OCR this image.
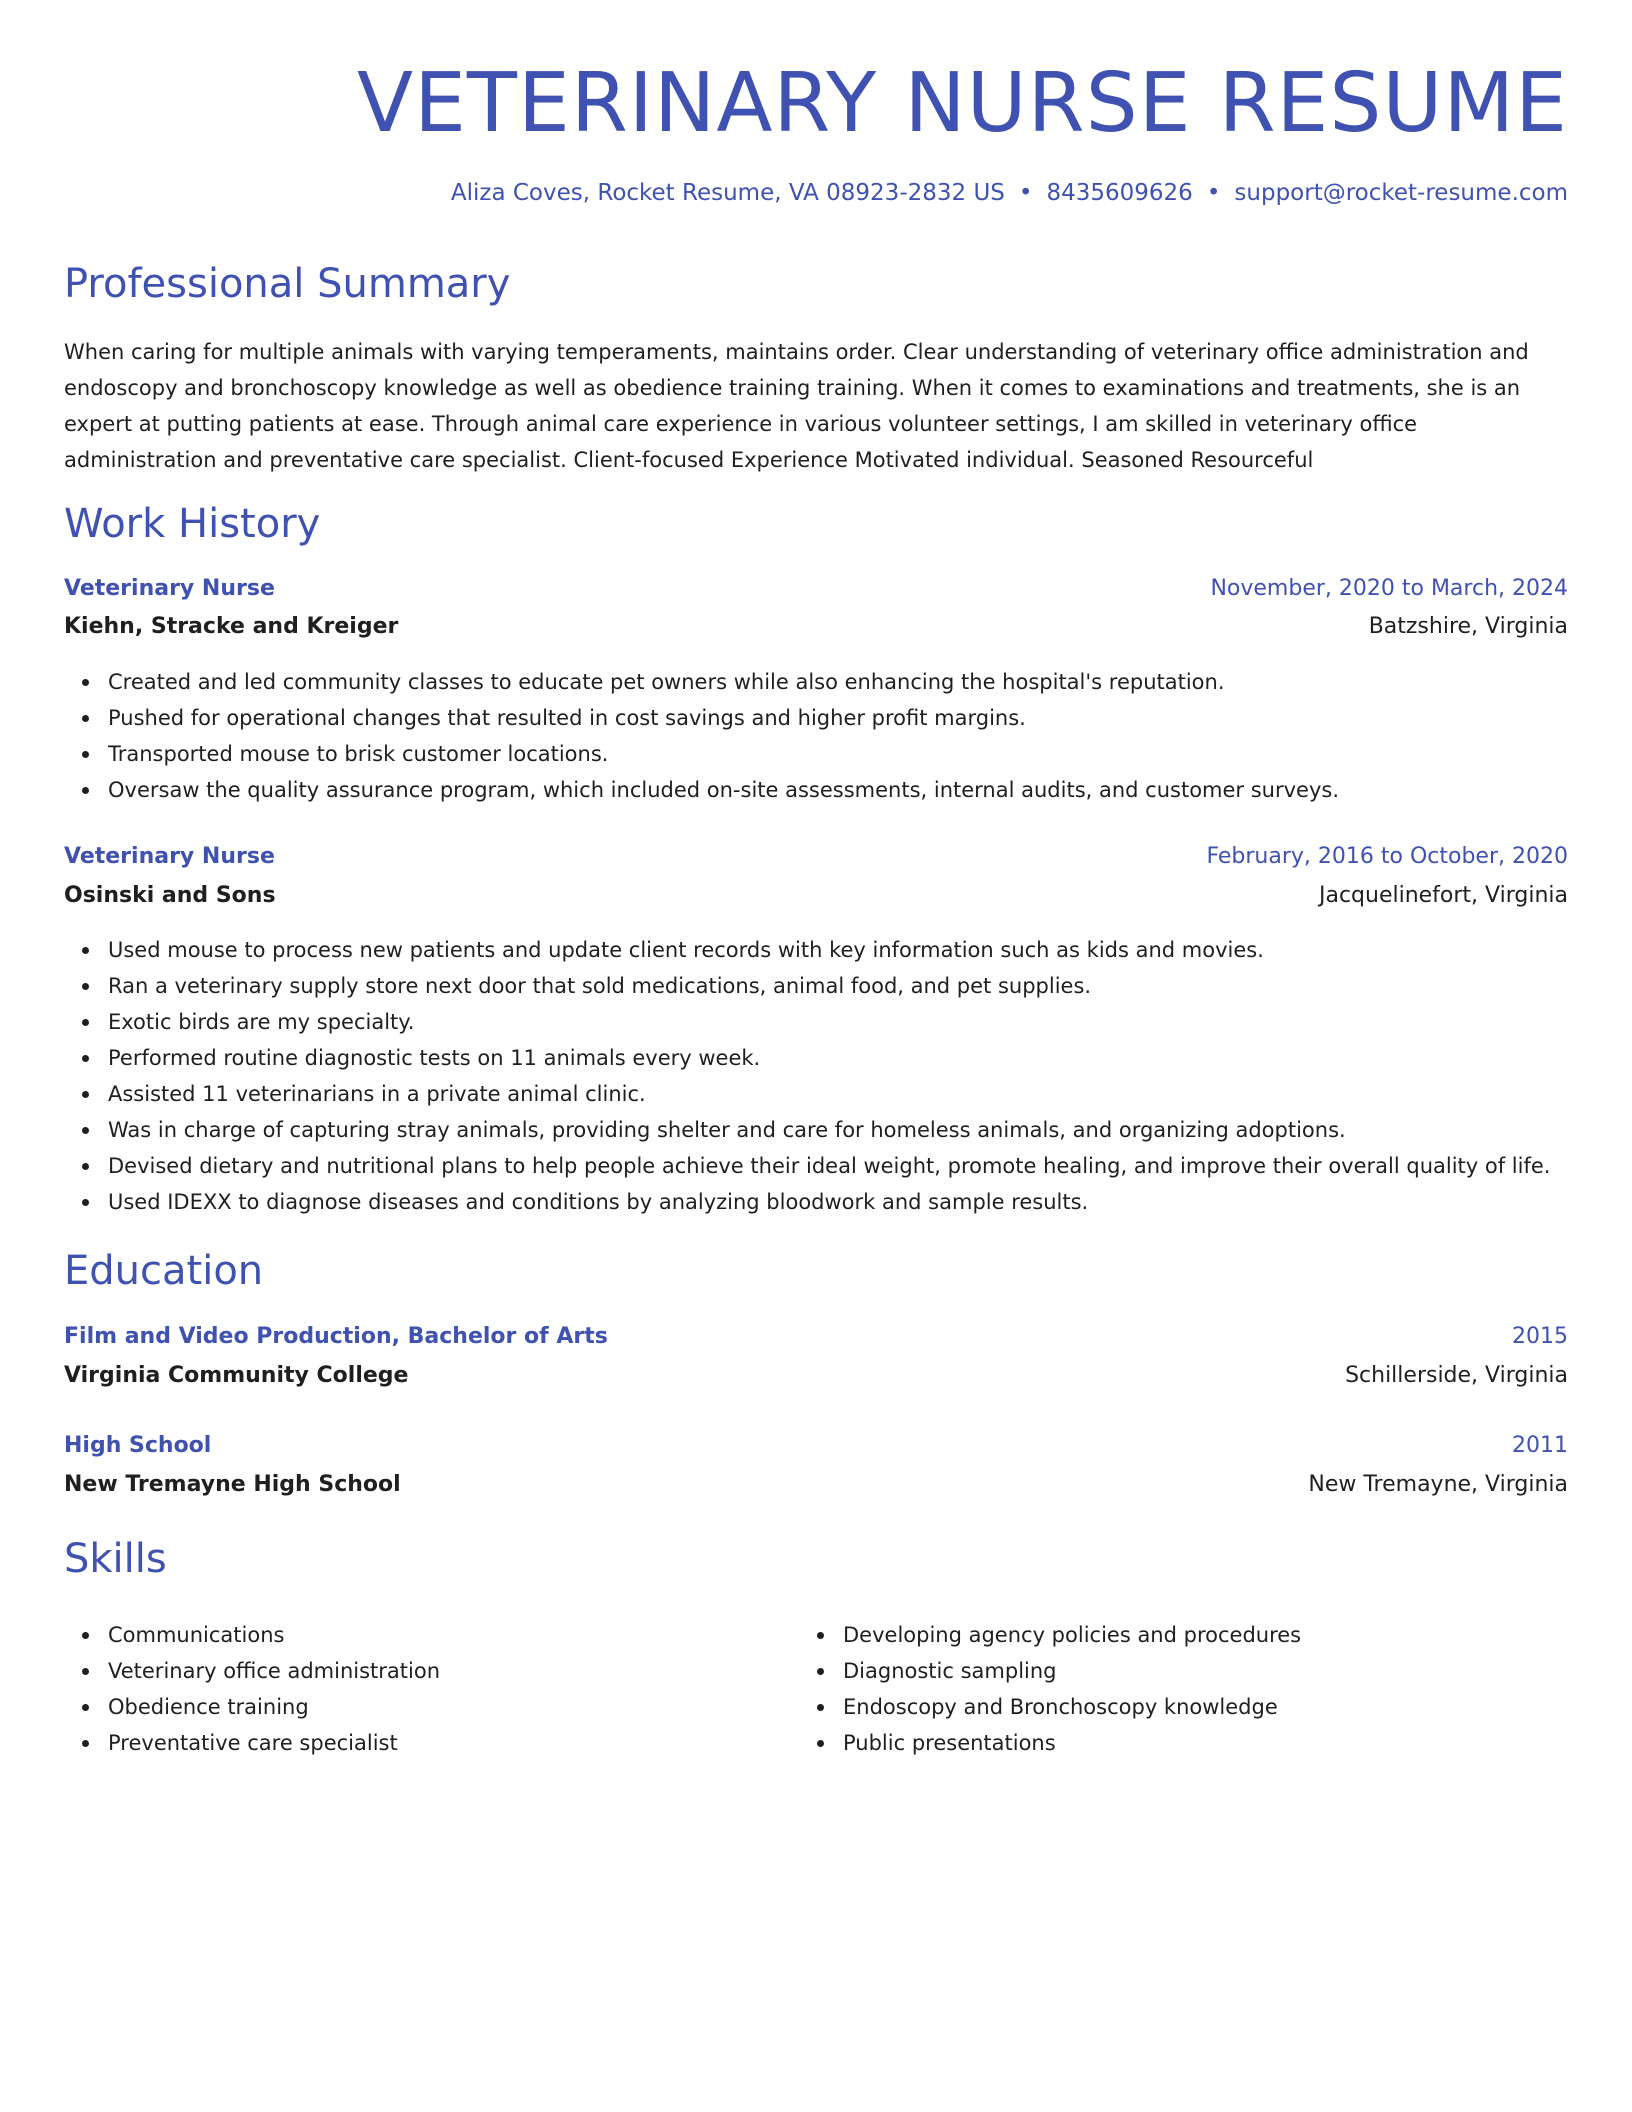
VETERINARY NURSE RESUME
Aliza Coves, Rocket Resume, VA 08923-2832 US • 8435609626 • support@rocket-resume.com
Professional Summary
When caring for multiple animals with varying temperaments, maintains order. Clear understanding of veterinary office administration and endoscopy and bronchoscopy knowledge as well as obedience training training. When it comes to examinations and treatments, she is an expert at putting patients at ease. Through animal care experience in various volunteer settings, I am skilled in veterinary office administration and preventative care specialist. Client-focused Experience Motivated individual. Seasoned Resourceful
Work History
Veterinary Nurse	November, 2020 to March, 2024
Kiehn, Stracke and Kreiger	Batzshire, Virginia
Created and led community classes to educate pet owners while also enhancing the hospital's reputation.
Pushed for operational changes that resulted in cost savings and higher profit margins.
Transported mouse to brisk customer locations.
Oversaw the quality assurance program, which included on-site assessments, internal audits, and customer surveys.
Veterinary Nurse	February, 2016 to October, 2020
Osinski and Sons	Jacquelinefort, Virginia
Used mouse to process new patients and update client records with key information such as kids and movies.
Ran a veterinary supply store next door that sold medications, animal food, and pet supplies.
Exotic birds are my specialty.
Performed routine diagnostic tests on 11 animals every week.
Assisted 11 veterinarians in a private animal clinic.
Was in charge of capturing stray animals, providing shelter and care for homeless animals, and organizing adoptions.
Devised dietary and nutritional plans to help people achieve their ideal weight, promote healing, and improve their overall quality of life.
Used IDEXX to diagnose diseases and conditions by analyzing bloodwork and sample results.
Education
Film and Video Production, Bachelor of Arts	2015
Virginia Community College	Schillerside, Virginia
High School	2011
New Tremayne High School	New Tremayne, Virginia
Skills
Communications
Veterinary office administration
Obedience training
Preventative care specialist
Developing agency policies and procedures
Diagnostic sampling
Endoscopy and Bronchoscopy knowledge
Public presentations
